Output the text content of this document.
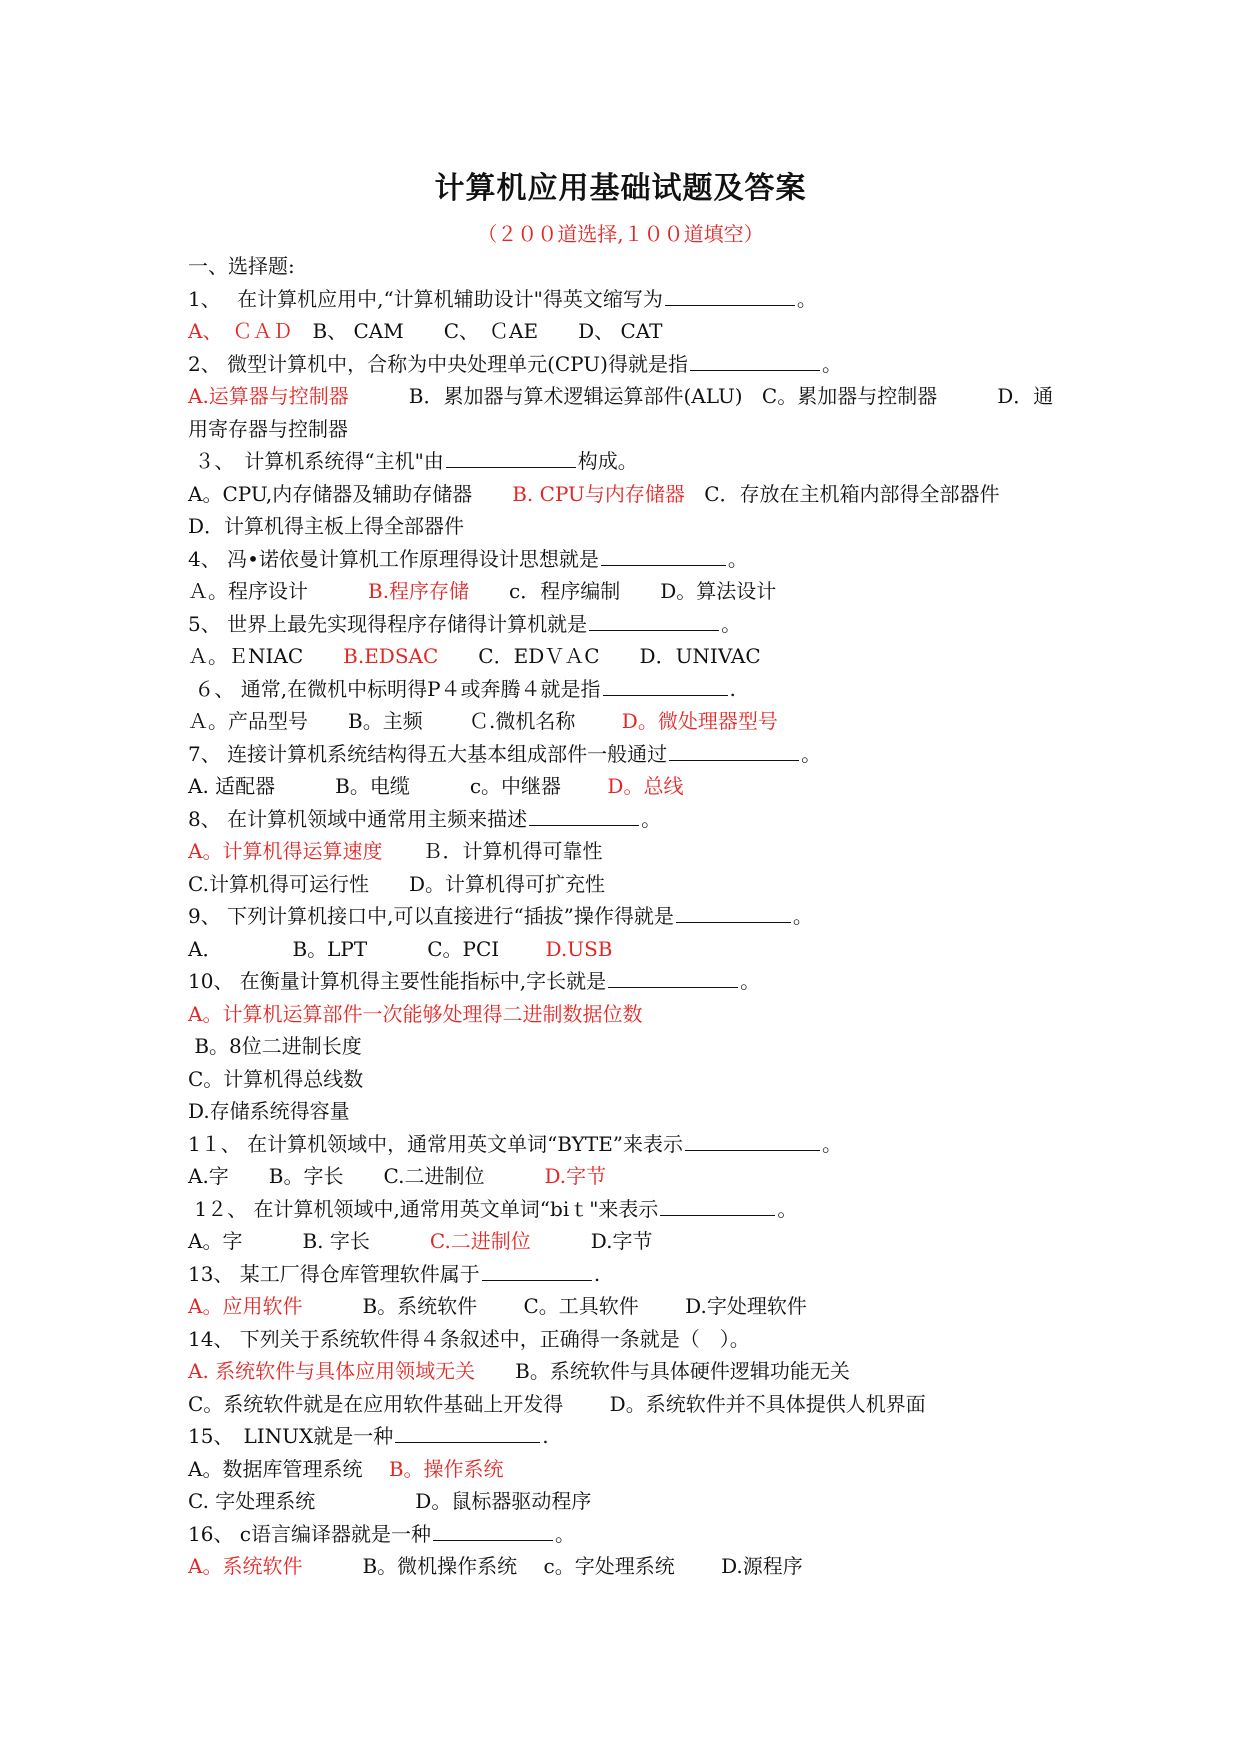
计算机应用基础试题及答案
（２００道选择,１００道填空）
一、选择题:
1、　 在计算机应用中,“计算机辅助设计"得英文缩写为	。
A、　ＣＡＤ　B、 CAM　　C、　ＣAE　　D、 CAT
2、 微型计算机中，合称为中央处理单元(CPU)得就是指	。
A.运算器与控制器　　　B．累加器与算术逻辑运算部件(ALU)ﾠC。累加器与控制器　　　D．通用寄存器与控制器
３、　计算机系统得“主机"由	构成。
A。CPU,内存储器及辅助存储器　　B. CPU与内存储器ﾠC．存放在主机箱内部得全部器件　　D．计算机得主板上得全部器件
4、 冯•诺依曼计算机工作原理得设计思想就是	。
Ａ。程序设计　　　B.程序存储　　c．程序编制　　D。算法设计
5、 世界上最先实现得程序存储得计算机就是	。
Ａ。ＥNIAC　　B.EDSAC　　C．EDＶＡC　　D．UNIVAC
６、 通常,在微机中标明得P４或奔腾４就是指	.
Ａ。产品型号　　B。主频　　 Ｃ.微机名称　　 D。微处理器型号
7、 连接计算机系统结构得五大基本组成部件一般通过	。
A. 适配器　　　B。电缆　　　c。中继器　　 D。总线
8、 在计算机领域中通常用主频来描述	。
A。计算机得运算速度　　Ｂ．计算机得可靠性
C.计算机得可运行性　　D。计算机得可扩充性
9、 下列计算机接口中,可以直接进行“插拔”操作得就是	。
A．　　　　B。LPT　　　C。PCI　　 D.USB
10、 在衡量计算机得主要性能指标中,字长就是	。
A。计算机运算部件一次能够处理得二进制数据位数
B。8位二进制长度
C。计算机得总线数
D.存储系统得容量
1１、 在计算机领域中，通常用英文单词“BYTE”来表示	。
A.字　　B。字长　　C.二进制位　　　D.字节
1２、 在计算机领域中,通常用英文单词“biｔ"来表示	。
A。字　　　B. 字长　　　C.二进制位　　　D.字节
13、 某工厂得仓库管理软件属于	.
A。应用软件　　　B。系统软件　　 C。工具软件　　 D.字处理软件
14、 下列关于系统软件得４条叙述中，正确得一条就是（　）。
A. 系统软件与具体应用领域无关　　B。系统软件与具体硬件逻辑功能无关
C。系统软件就是在应用软件基础上开发得　　 D。系统软件并不具体提供人机界面
15、　LINUX就是一种	.
A。数据库管理系统　 B。操作系统
C. 字处理系统　　　　　D。鼠标器驱动程序
16、 c语言编译器就是一种	。
A。系统软件　　　B。微机操作系统　 c。字处理系统　　 D.源程序
